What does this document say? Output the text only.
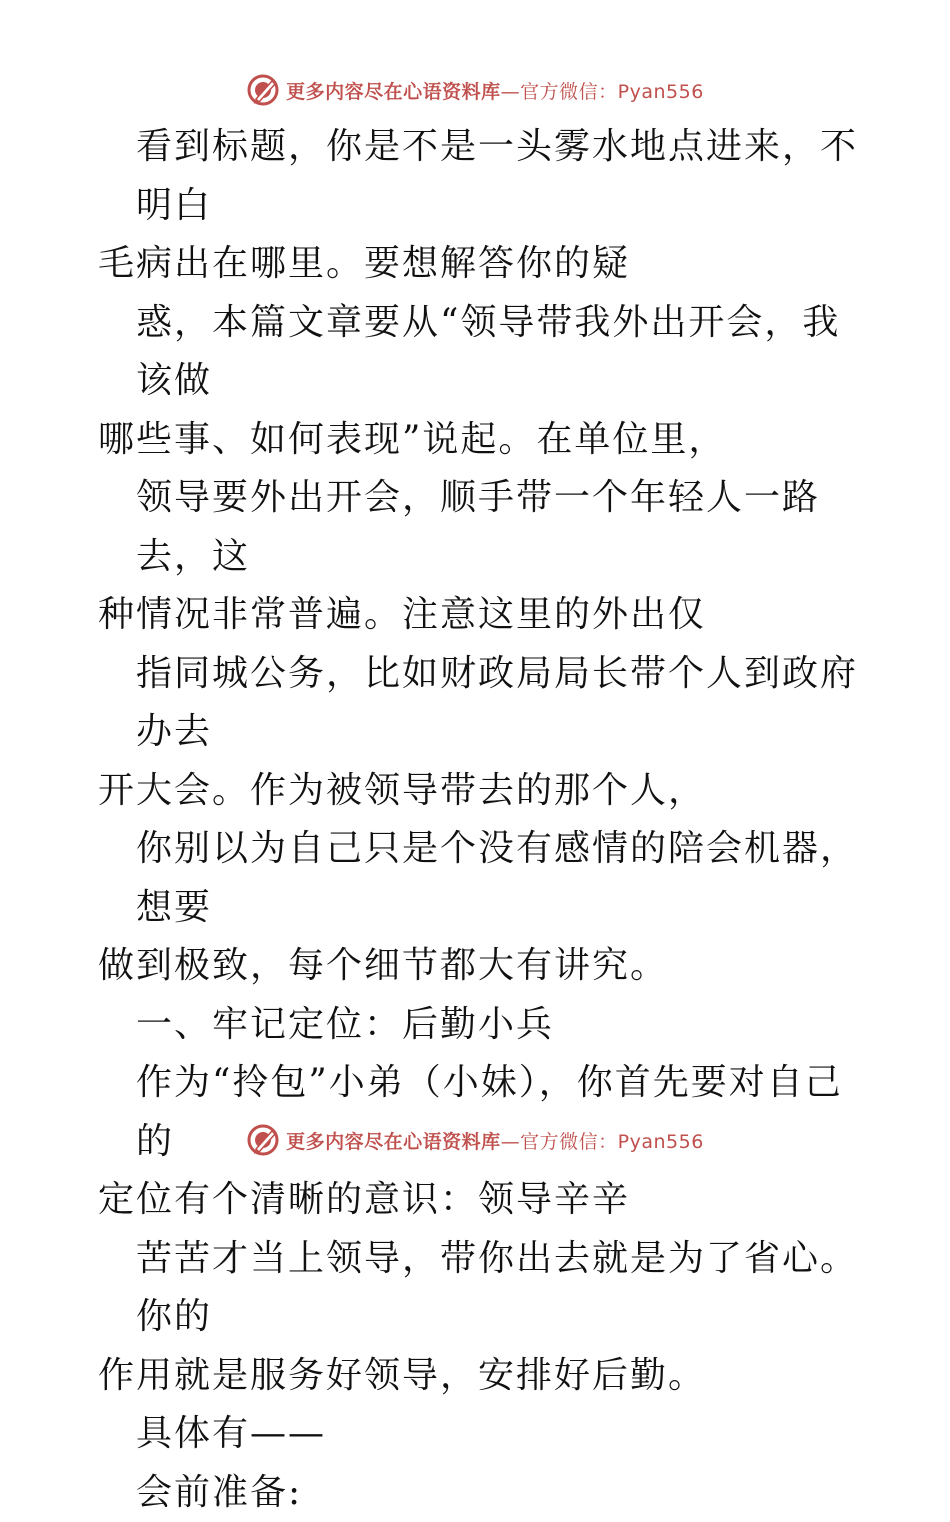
更多内容尽在心语资料库—官方微信：Pyan556
看到标题，你是不是一头雾水地点进来，不明白
毛病出在哪里。要想解答你的疑
惑，本篇文章要从“领导带我外出开会，我该做
哪些事、如何表现”说起。在单位里，
领导要外出开会，顺手带一个年轻人一路去，这
种情况非常普遍。注意这里的外出仅
指同城公务，比如财政局局长带个人到政府办去
开大会。作为被领导带去的那个人，
你别以为自己只是个没有感情的陪会机器，想要
做到极致，每个细节都大有讲究。
一、牢记定位：后勤小兵
作为“拎包”小弟（小妹），你首先要对自己的
定位有个清晰的意识：领导辛辛
苦苦才当上领导，带你出去就是为了省心。你的
作用就是服务好领导，安排好后勤。
具体有——
会前准备:
更多内容尽在心语资料库—官方微信：Pyan556
